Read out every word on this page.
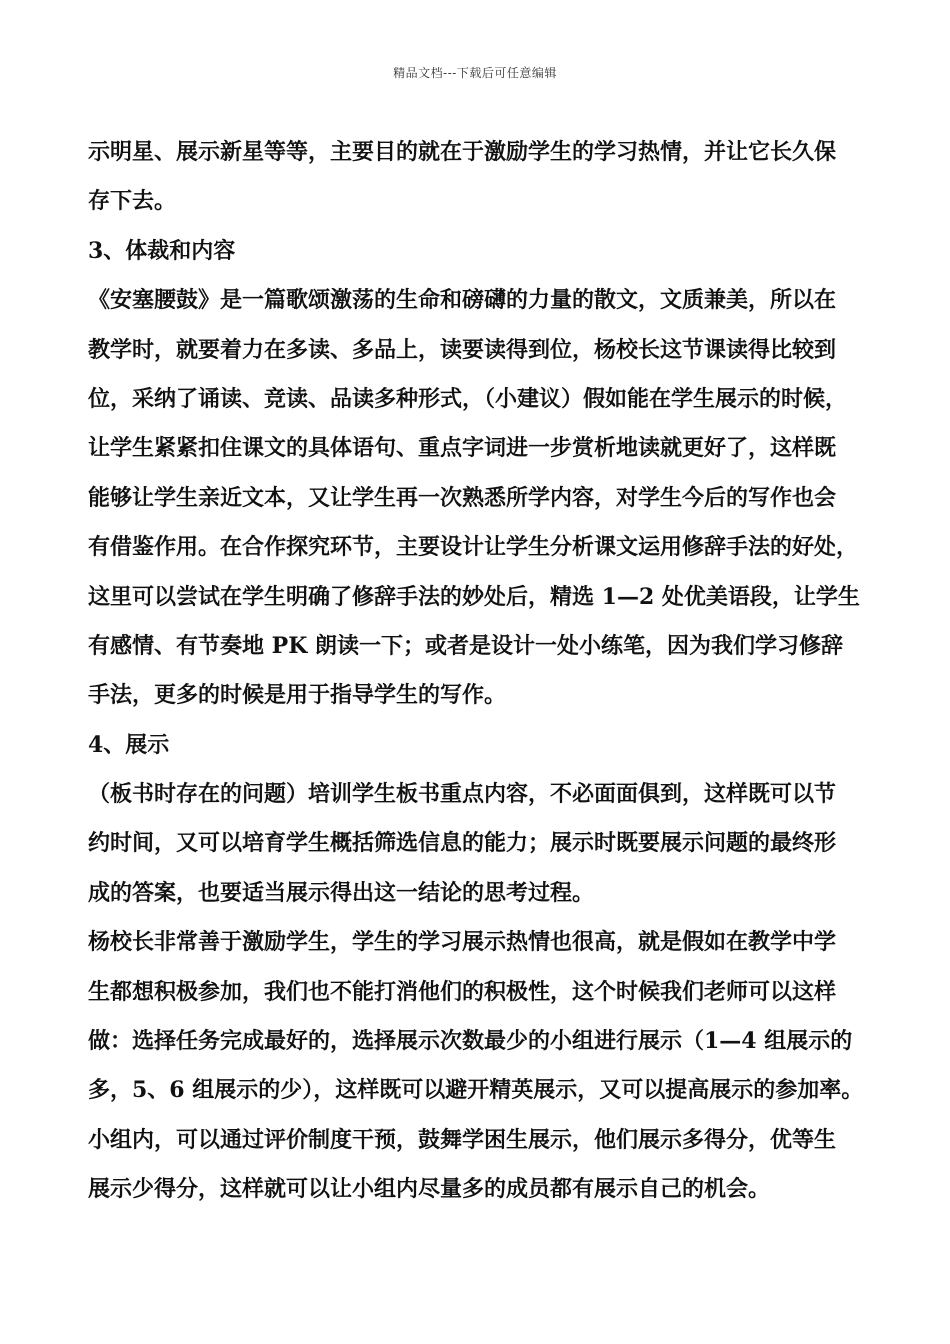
精品文档---下载后可任意编辑
示明星、展示新星等等，主要目的就在于激励学生的学习热情，并让它长久保
存下去。
3、体裁和内容
《安塞腰鼓》是一篇歌颂激荡的生命和磅礴的力量的散文，文质兼美，所以在
教学时，就要着力在多读、多品上，读要读得到位，杨校长这节课读得比较到
位，采纳了诵读、竞读、品读多种形式，（小建议）假如能在学生展示的时候，
让学生紧紧扣住课文的具体语句、重点字词进一步赏析地读就更好了，这样既
能够让学生亲近文本，又让学生再一次熟悉所学内容，对学生今后的写作也会
有借鉴作用。在合作探究环节，主要设计让学生分析课文运用修辞手法的好处，
这里可以尝试在学生明确了修辞手法的妙处后，精选 1—2 处优美语段，让学生
有感情、有节奏地 PK 朗读一下；或者是设计一处小练笔，因为我们学习修辞
手法，更多的时候是用于指导学生的写作。
4、展示
（板书时存在的问题）培训学生板书重点内容，不必面面俱到，这样既可以节
约时间，又可以培育学生概括筛选信息的能力；展示时既要展示问题的最终形
成的答案，也要适当展示得出这一结论的思考过程。
杨校长非常善于激励学生，学生的学习展示热情也很高，就是假如在教学中学
生都想积极参加，我们也不能打消他们的积极性，这个时候我们老师可以这样
做：选择任务完成最好的，选择展示次数最少的小组进行展示（1—4 组展示的
多，5、6 组展示的少），这样既可以避开精英展示，又可以提高展示的参加率。
小组内，可以通过评价制度干预，鼓舞学困生展示，他们展示多得分，优等生
展示少得分，这样就可以让小组内尽量多的成员都有展示自己的机会。
